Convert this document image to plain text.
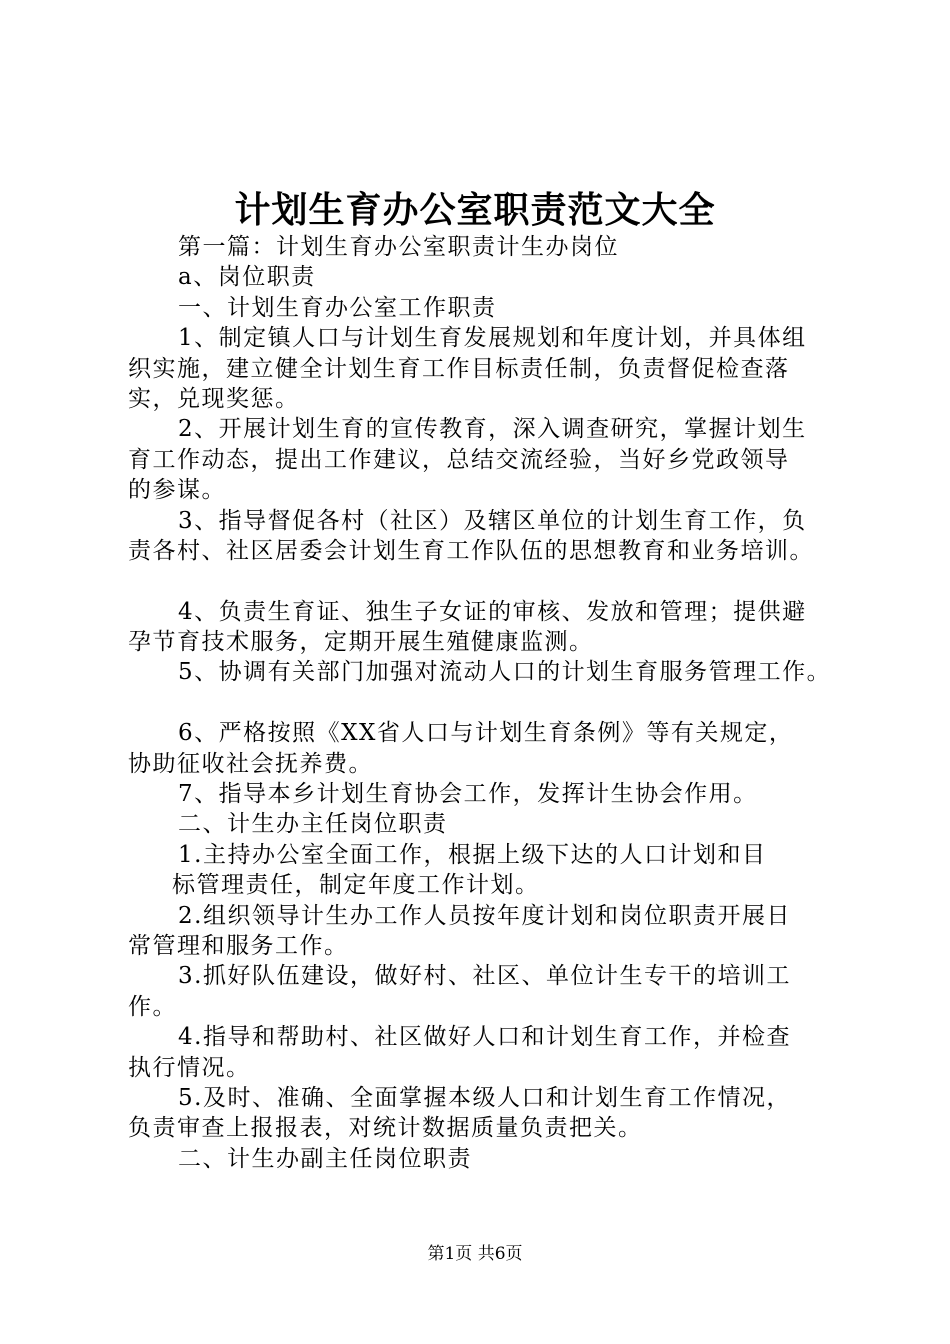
计划生育办公室职责范文大全
第一篇：计划生育办公室职责计生办岗位
a、岗位职责
一、计划生育办公室工作职责
1、制定镇人口与计划生育发展规划和年度计划，并具体组
织实施，建立健全计划生育工作目标责任制，负责督促检查落
实，兑现奖惩。
2、开展计划生育的宣传教育，深入调查研究，掌握计划生
育工作动态，提出工作建议，总结交流经验，当好乡党政领导
的参谋。
3、指导督促各村（社区）及辖区单位的计划生育工作，负
责各村、社区居委会计划生育工作队伍的思想教育和业务培训。
4、负责生育证、独生子女证的审核、发放和管理；提供避
孕节育技术服务，定期开展生殖健康监测。
5、协调有关部门加强对流动人口的计划生育服务管理工作。
6、严格按照《XX省人口与计划生育条例》等有关规定，
协助征收社会抚养费。
7、指导本乡计划生育协会工作，发挥计生协会作用。
二、计生办主任岗位职责
1.主持办公室全面工作，根据上级下达的人口计划和目
标管理责任，制定年度工作计划。
2.组织领导计生办工作人员按年度计划和岗位职责开展日
常管理和服务工作。
3.抓好队伍建设，做好村、社区、单位计生专干的培训工
作。
4.指导和帮助村、社区做好人口和计划生育工作，并检查
执行情况。
5.及时、准确、全面掌握本级人口和计划生育工作情况，
负责审查上报报表，对统计数据质量负责把关。
二、计生办副主任岗位职责
第1页 共6页
